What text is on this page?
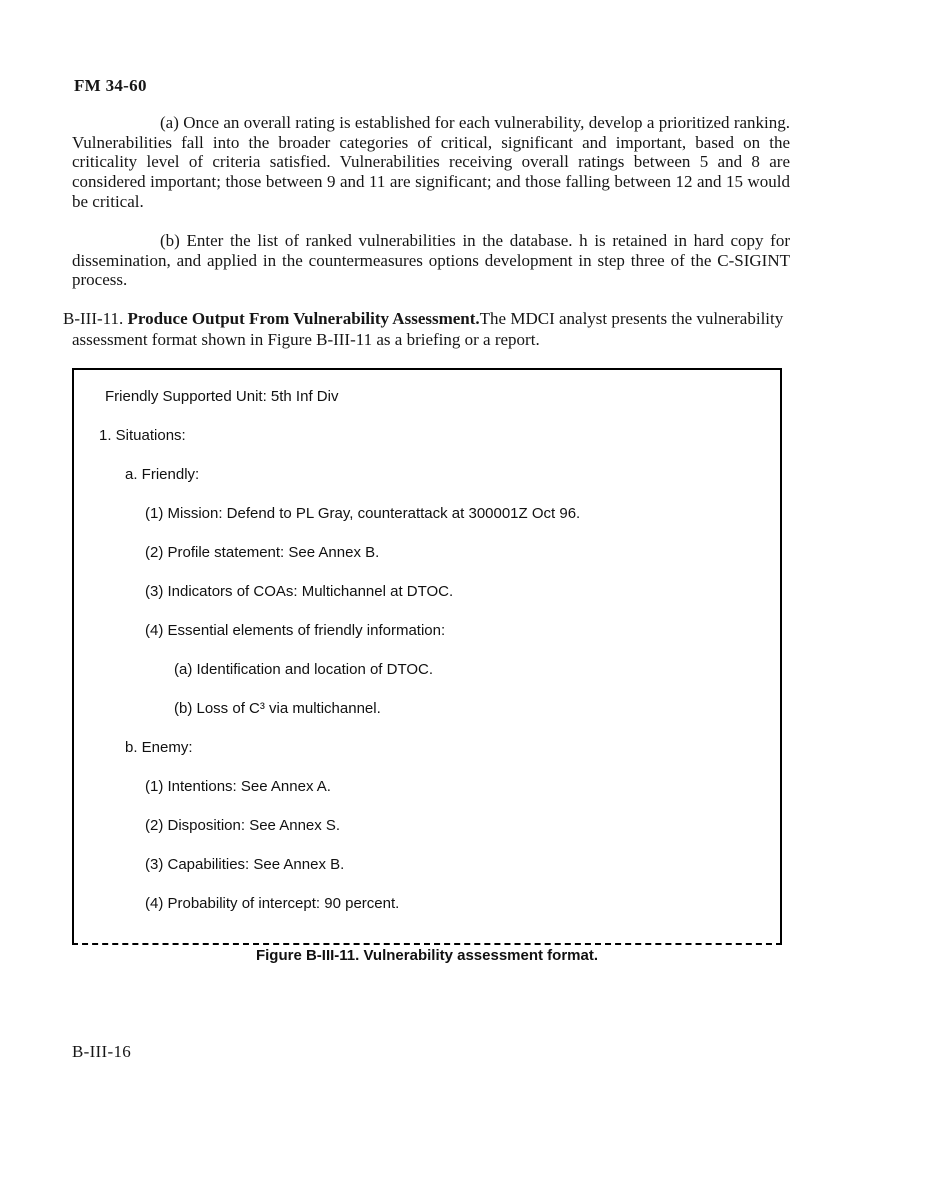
FM 34-60

(a) Once an overall rating is established for each vulnerability, develop a prioritized ranking. Vulnerabilities fall into the broader categories of critical, significant and important, based on the criticality level of criteria satisfied. Vulnerabilities receiving overall ratings between 5 and 8 are considered important; those between 9 and 11 are significant; and those falling between 12 and 15 would be critical.

(b) Enter the list of ranked vulnerabilities in the database. h is retained in hard copy for dissemination, and applied in the countermeasures options development in step three of the C-SIGINT process.

B-III-11. Produce Output From Vulnerability Assessment.The MDCI analyst presents the vulnerability assessment format shown in Figure B-III-11 as a briefing or a report.

Friendly Supported Unit: 5th Inf Div
1. Situations:
a. Friendly:
(1) Mission: Defend to PL Gray, counterattack at 300001Z Oct 96.
(2) Profile statement: See Annex B.
(3) Indicators of COAs: Multichannel at DTOC.
(4) Essential elements of friendly information:
(a) Identification and location of DTOC.
(b) Loss of C³ via multichannel.
b. Enemy:
(1) Intentions: See Annex A.
(2) Disposition: See Annex S.
(3) Capabilities: See Annex B.
(4) Probability of intercept: 90 percent.
Figure B-III-11. Vulnerability assessment format.
B-III-16
